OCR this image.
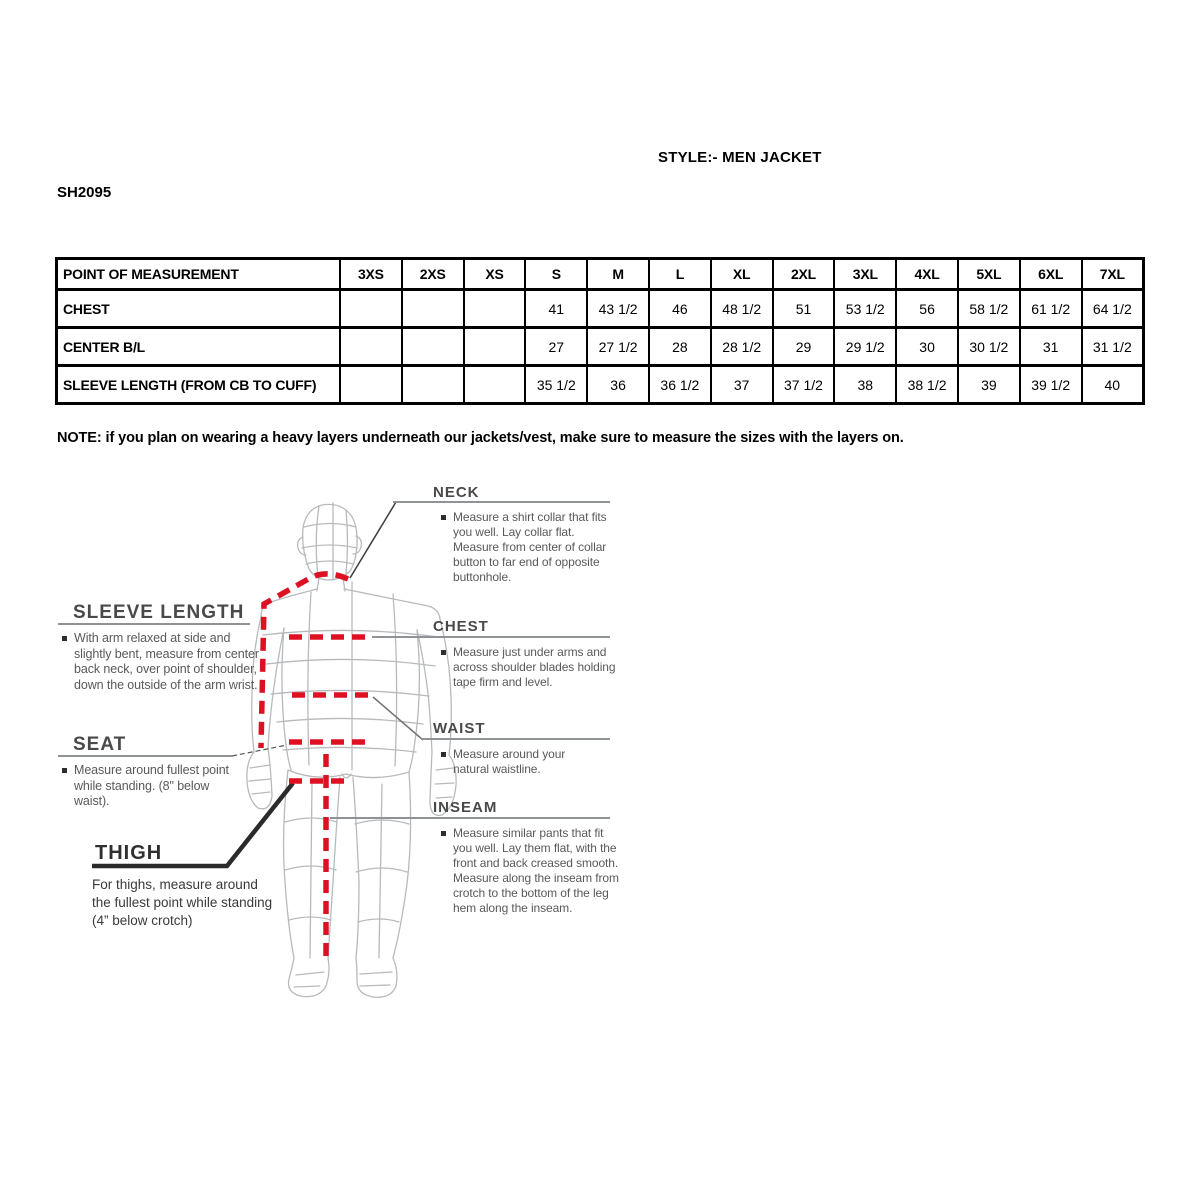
STYLE:- MEN JACKET
SH2095
POINT OF MEASUREMENT	3XS	2XS	XS	S	M	L	XL	2XL	3XL	4XL	5XL	6XL	7XL
CHEST				41	43 1/2	46	48 1/2	51	53 1/2	56	58 1/2	61 1/2	64 1/2
CENTER B/L				27	27 1/2	28	28 1/2	29	29 1/2	30	30 1/2	31	31 1/2
SLEEVE LENGTH (FROM CB TO CUFF)				35 1/2	36	36 1/2	37	37 1/2	38	38 1/2	39	39 1/2	40
NOTE: if you plan on wearing a heavy layers underneath our jackets/vest, make sure to measure the sizes with the layers on.
NECK
Measure a shirt collar that fits you well. Lay collar flat. Measure from center of collar button to far end of opposite buttonhole.
CHEST
Measure just under arms and across shoulder blades holding tape firm and level.
WAIST
Measure around your natural waistline.
INSEAM
Measure similar pants that fit you well. Lay them flat, with the front and back creased smooth. Measure along the inseam from crotch to the bottom of the leg hem along the inseam.
SLEEVE LENGTH
With arm relaxed at side and slightly bent, measure from center back neck, over point of shoulder, down the outside of the arm wrist.
SEAT
Measure around fullest point while standing. (8" below waist).
THIGH
For thighs, measure around the fullest point while standing (4” below crotch)
